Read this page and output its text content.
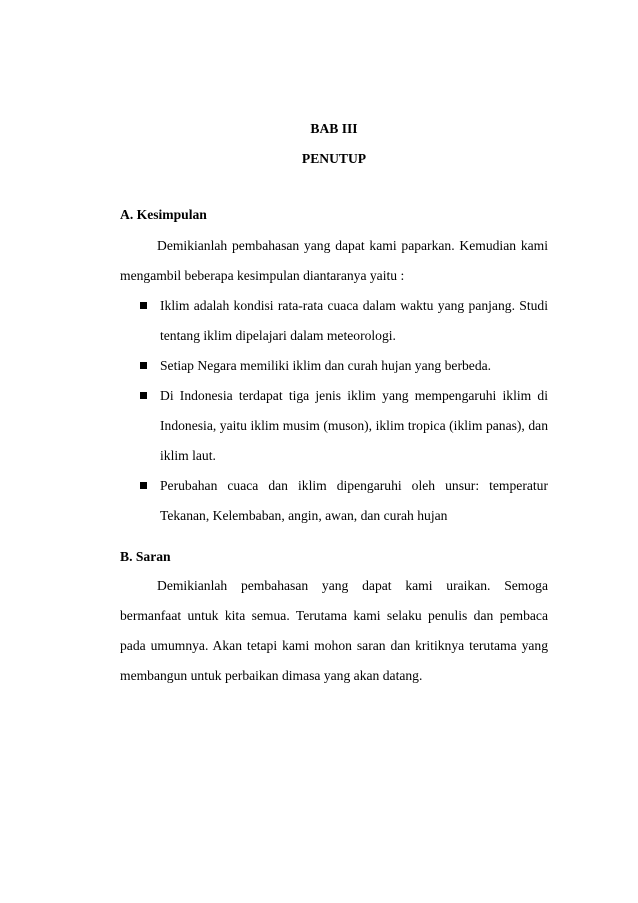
BAB III

PENUTUP

A. Kesimpulan

Demikianlah pembahasan yang dapat kami paparkan. Kemudian kami mengambil beberapa kesimpulan diantaranya yaitu :

Iklim adalah kondisi rata-rata cuaca dalam waktu yang panjang. Studi tentang iklim dipelajari dalam meteorologi.
Setiap Negara memiliki iklim dan curah hujan yang berbeda.
Di Indonesia terdapat tiga jenis iklim yang mempengaruhi iklim di Indonesia, yaitu iklim musim (muson), iklim tropica (iklim panas), dan iklim laut.
Perubahan cuaca dan iklim dipengaruhi oleh unsur: temperatur Tekanan, Kelembaban, angin, awan, dan curah hujan

B. Saran

Demikianlah pembahasan yang dapat kami uraikan. Semoga bermanfaat untuk kita semua. Terutama kami selaku penulis dan pembaca pada umumnya. Akan tetapi kami mohon saran dan kritiknya terutama yang membangun untuk perbaikan dimasa yang akan datang.
